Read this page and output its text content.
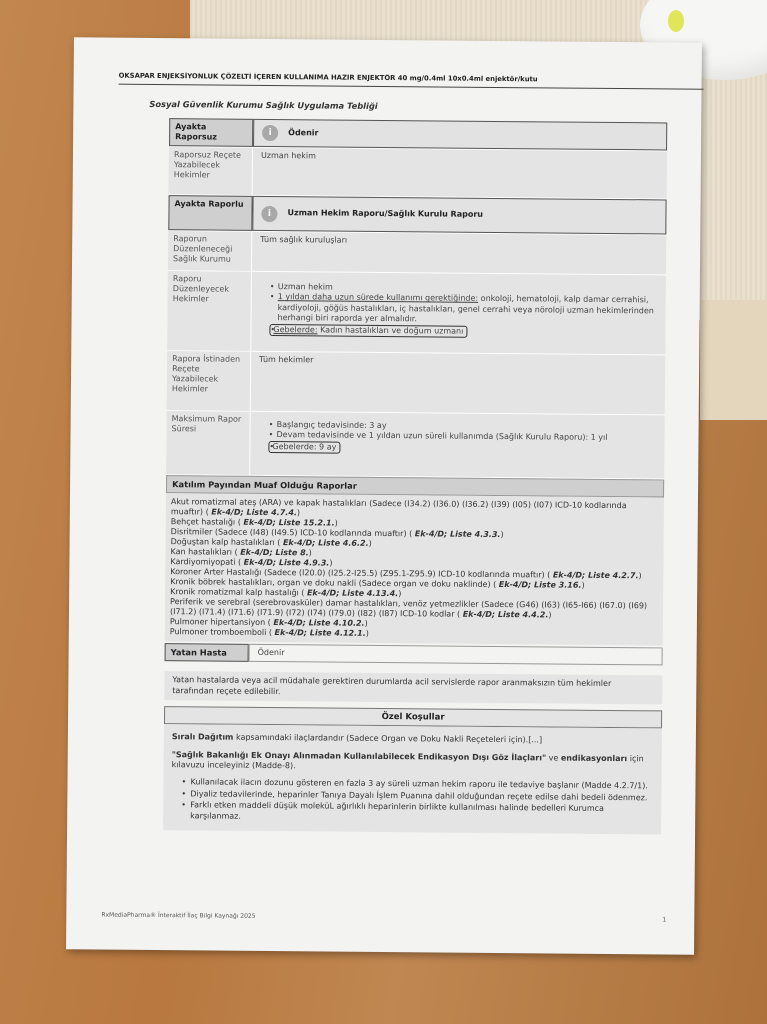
OKSAPAR ENJEKSİYONLUK ÇÖZELTİ İÇEREN KULLANIMA HAZIR ENJEKTÖR 40 mg/0.4ml 10x0.4ml enjektör/kutu
Sosyal Güvenlik Kurumu Sağlık Uygulama Tebliği
Ayakta Raporsuz	i	Ödenir
Raporsuz Reçete Yazabilecek Hekimler
Uzman hekim
Ayakta Raporlu
i	Uzman Hekim Raporu/Sağlık Kurulu Raporu
Raporun Düzenleneceği Sağlık Kurumu
Tüm sağlık kuruluşları
Raporu Düzenleyecek Hekimler
• Uzman hekim
• 1 yıldan daha uzun sürede kullanımı gerektiğinde: onkoloji, hematoloji, kalp damar cerrahisi, kardiyoloji, göğüs hastalıkları, iç hastalıkları, genel cerrahi veya nöroloji uzman hekimlerinden herhangi biri raporda yer almalıdır.
• Gebelerde: Kadın hastalıkları ve doğum uzmanı
Rapora İstinaden Reçete Yazabilecek Hekimler
Tüm hekimler
Maksimum Rapor Süresi
•	Başlangıç tedavisinde: 3 ay
• Devam tedavisinde ve 1 yıldan uzun süreli kullanımda (Sağlık Kurulu Raporu): 1 yıl
• Gebelerde: 9 ay
Katılım Payından Muaf Olduğu Raporlar
Akut romatizmal ateş (ARA) ve kapak hastalıkları (Sadece (I34.2) (I36.0) (I36.2) (I39) (I05) (I07) ICD-10 kodlarında muaftır) ( Ek-4/D; Liste 4.7.4.)
Behçet hastalığı ( Ek-4/D; Liste 15.2.1.)
Disritmiler (Sadece (I48) (I49.5) ICD-10 kodlarında muaftır) ( Ek-4/D; Liste 4.3.3.)
Doğuştan kalp hastalıkları ( Ek-4/D; Liste 4.6.2.)
Kan hastalıkları ( Ek-4/D; Liste 8.)
Kardiyomiyopati ( Ek-4/D; Liste 4.9.3.)
Koroner Arter Hastalığı (Sadece (I20.0) (I25.2-I25.5) (Z95.1-Z95.9) ICD-10 kodlarında muaftır) ( Ek-4/D; Liste 4.2.7.)
Kronik böbrek hastalıkları, organ ve doku nakli (Sadece organ ve doku naklinde) ( Ek-4/D; Liste 3.16.)
Kronik romatizmal kalp hastalığı ( Ek-4/D; Liste 4.13.4.)
Periferik ve serebral (serebrovasküler) damar hastalıkları, venöz yetmezlikler (Sadece (G46) (I63) (I65-I66) (I67.0) (I69) (I71.2) (I71.4) (I71.6) (I71.9) (I72) (I74) (I79.0) (I82) (I87) ICD-10 kodlar ( Ek-4/D; Liste 4.4.2.)
Pulmoner hipertansiyon ( Ek-4/D; Liste 4.10.2.)
Pulmoner tromboemboli ( Ek-4/D; Liste 4.12.1.)
Yatan Hasta	Ödenir
Yatan hastalarda veya acil müdahale gerektiren durumlarda acil servislerde rapor aranmaksızın tüm hekimler tarafından reçete edilebilir.
Özel Koşullar

Sıralı Dağıtım kapsamındaki ilaçlardandır (Sadece Organ ve Doku Nakli Reçeteleri için).[...]

"Sağlık Bakanlığı Ek Onayı Alınmadan Kullanılabilecek Endikasyon Dışı Göz İlaçları" ve endikasyonları için kılavuzu inceleyiniz (Madde-8).

• Kullanılacak ilacın dozunu gösteren en fazla 3 ay süreli uzman hekim raporu ile tedaviye başlanır (Madde 4.2.7/1).
• Diyaliz tedavilerinde, heparinler Tanıya Dayalı İşlem Puanına dahil olduğundan reçete edilse dahi bedeli ödenmez.
• Farklı etken maddeli düşük moleküL ağırlıklı heparinlerin birlikte kullanılması halinde bedelleri Kurumca karşılanmaz.
RxMediaPharma® İnteraktif İlaç Bilgi Kaynağı 2025
1
